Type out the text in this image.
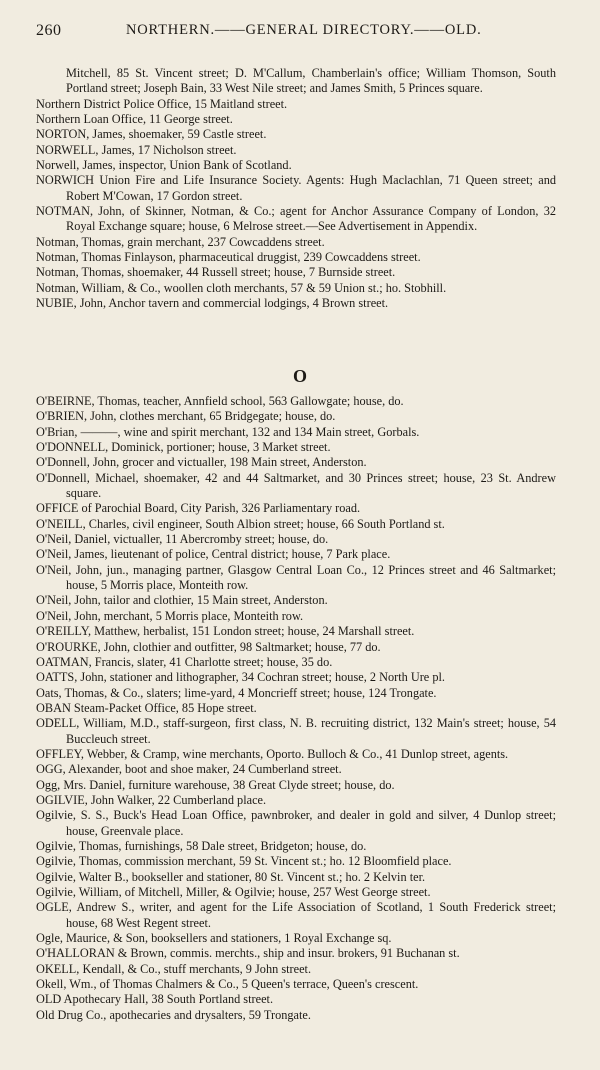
260	NORTHERN.——GENERAL DIRECTORY.——OLD.
Mitchell, 85 St. Vincent street; D. M'Callum, Chamberlain's office; William Thomson, South Portland street; Joseph Bain, 33 West Nile street; and James Smith, 5 Princes square.
Northern District Police Office, 15 Maitland street.
Northern Loan Office, 11 George street.
NORTON, James, shoemaker, 59 Castle street.
NORWELL, James, 17 Nicholson street.
Norwell, James, inspector, Union Bank of Scotland.
NORWICH Union Fire and Life Insurance Society. Agents: Hugh Maclachlan, 71 Queen street; and Robert M'Cowan, 17 Gordon street.
NOTMAN, John, of Skinner, Notman, & Co.; agent for Anchor Assurance Company of London, 32 Royal Exchange square; house, 6 Melrose street.—See Advertisement in Appendix.
Notman, Thomas, grain merchant, 237 Cowcaddens street.
Notman, Thomas Finlayson, pharmaceutical druggist, 239 Cowcaddens street.
Notman, Thomas, shoemaker, 44 Russell street; house, 7 Burnside street.
Notman, William, & Co., woollen cloth merchants, 57 & 59 Union st.; ho. Stobhill.
NUBIE, John, Anchor tavern and commercial lodgings, 4 Brown street.
O
O'BEIRNE, Thomas, teacher, Annfield school, 563 Gallowgate; house, do.
O'BRIEN, John, clothes merchant, 65 Bridgegate; house, do.
O'Brian, ———, wine and spirit merchant, 132 and 134 Main street, Gorbals.
O'DONNELL, Dominick, portioner; house, 3 Market street.
O'Donnell, John, grocer and victualler, 198 Main street, Anderston.
O'Donnell, Michael, shoemaker, 42 and 44 Saltmarket, and 30 Princes street; house, 23 St. Andrew square.
OFFICE of Parochial Board, City Parish, 326 Parliamentary road.
O'NEILL, Charles, civil engineer, South Albion street; house, 66 South Portland st.
O'Neil, Daniel, victualler, 11 Abercromby street; house, do.
O'Neil, James, lieutenant of police, Central district; house, 7 Park place.
O'Neil, John, jun., managing partner, Glasgow Central Loan Co., 12 Princes street and 46 Saltmarket; house, 5 Morris place, Monteith row.
O'Neil, John, tailor and clothier, 15 Main street, Anderston.
O'Neil, John, merchant, 5 Morris place, Monteith row.
O'REILLY, Matthew, herbalist, 151 London street; house, 24 Marshall street.
O'ROURKE, John, clothier and outfitter, 98 Saltmarket; house, 77 do.
OATMAN, Francis, slater, 41 Charlotte street; house, 35 do.
OATTS, John, stationer and lithographer, 34 Cochran street; house, 2 North Ure pl.
Oats, Thomas, & Co., slaters; lime-yard, 4 Moncrieff street; house, 124 Trongate.
OBAN Steam-Packet Office, 85 Hope street.
ODELL, William, M.D., staff-surgeon, first class, N. B. recruiting district, 132 Main's street; house, 54 Buccleuch street.
OFFLEY, Webber, & Cramp, wine merchants, Oporto. Bulloch & Co., 41 Dunlop street, agents.
OGG, Alexander, boot and shoe maker, 24 Cumberland street.
Ogg, Mrs. Daniel, furniture warehouse, 38 Great Clyde street; house, do.
OGILVIE, John Walker, 22 Cumberland place.
Ogilvie, S. S., Buck's Head Loan Office, pawnbroker, and dealer in gold and silver, 4 Dunlop street; house, Greenvale place.
Ogilvie, Thomas, furnishings, 58 Dale street, Bridgeton; house, do.
Ogilvie, Thomas, commission merchant, 59 St. Vincent st.; ho. 12 Bloomfield place.
Ogilvie, Walter B., bookseller and stationer, 80 St. Vincent st.; ho. 2 Kelvin ter.
Ogilvie, William, of Mitchell, Miller, & Ogilvie; house, 257 West George street.
OGLE, Andrew S., writer, and agent for the Life Association of Scotland, 1 South Frederick street; house, 68 West Regent street.
Ogle, Maurice, & Son, booksellers and stationers, 1 Royal Exchange sq.
O'HALLORAN & Brown, commis. merchts., ship and insur. brokers, 91 Buchanan st.
OKELL, Kendall, & Co., stuff merchants, 9 John street.
Okell, Wm., of Thomas Chalmers & Co., 5 Queen's terrace, Queen's crescent.
OLD Apothecary Hall, 38 South Portland street.
Old Drug Co., apothecaries and drysalters, 59 Trongate.
